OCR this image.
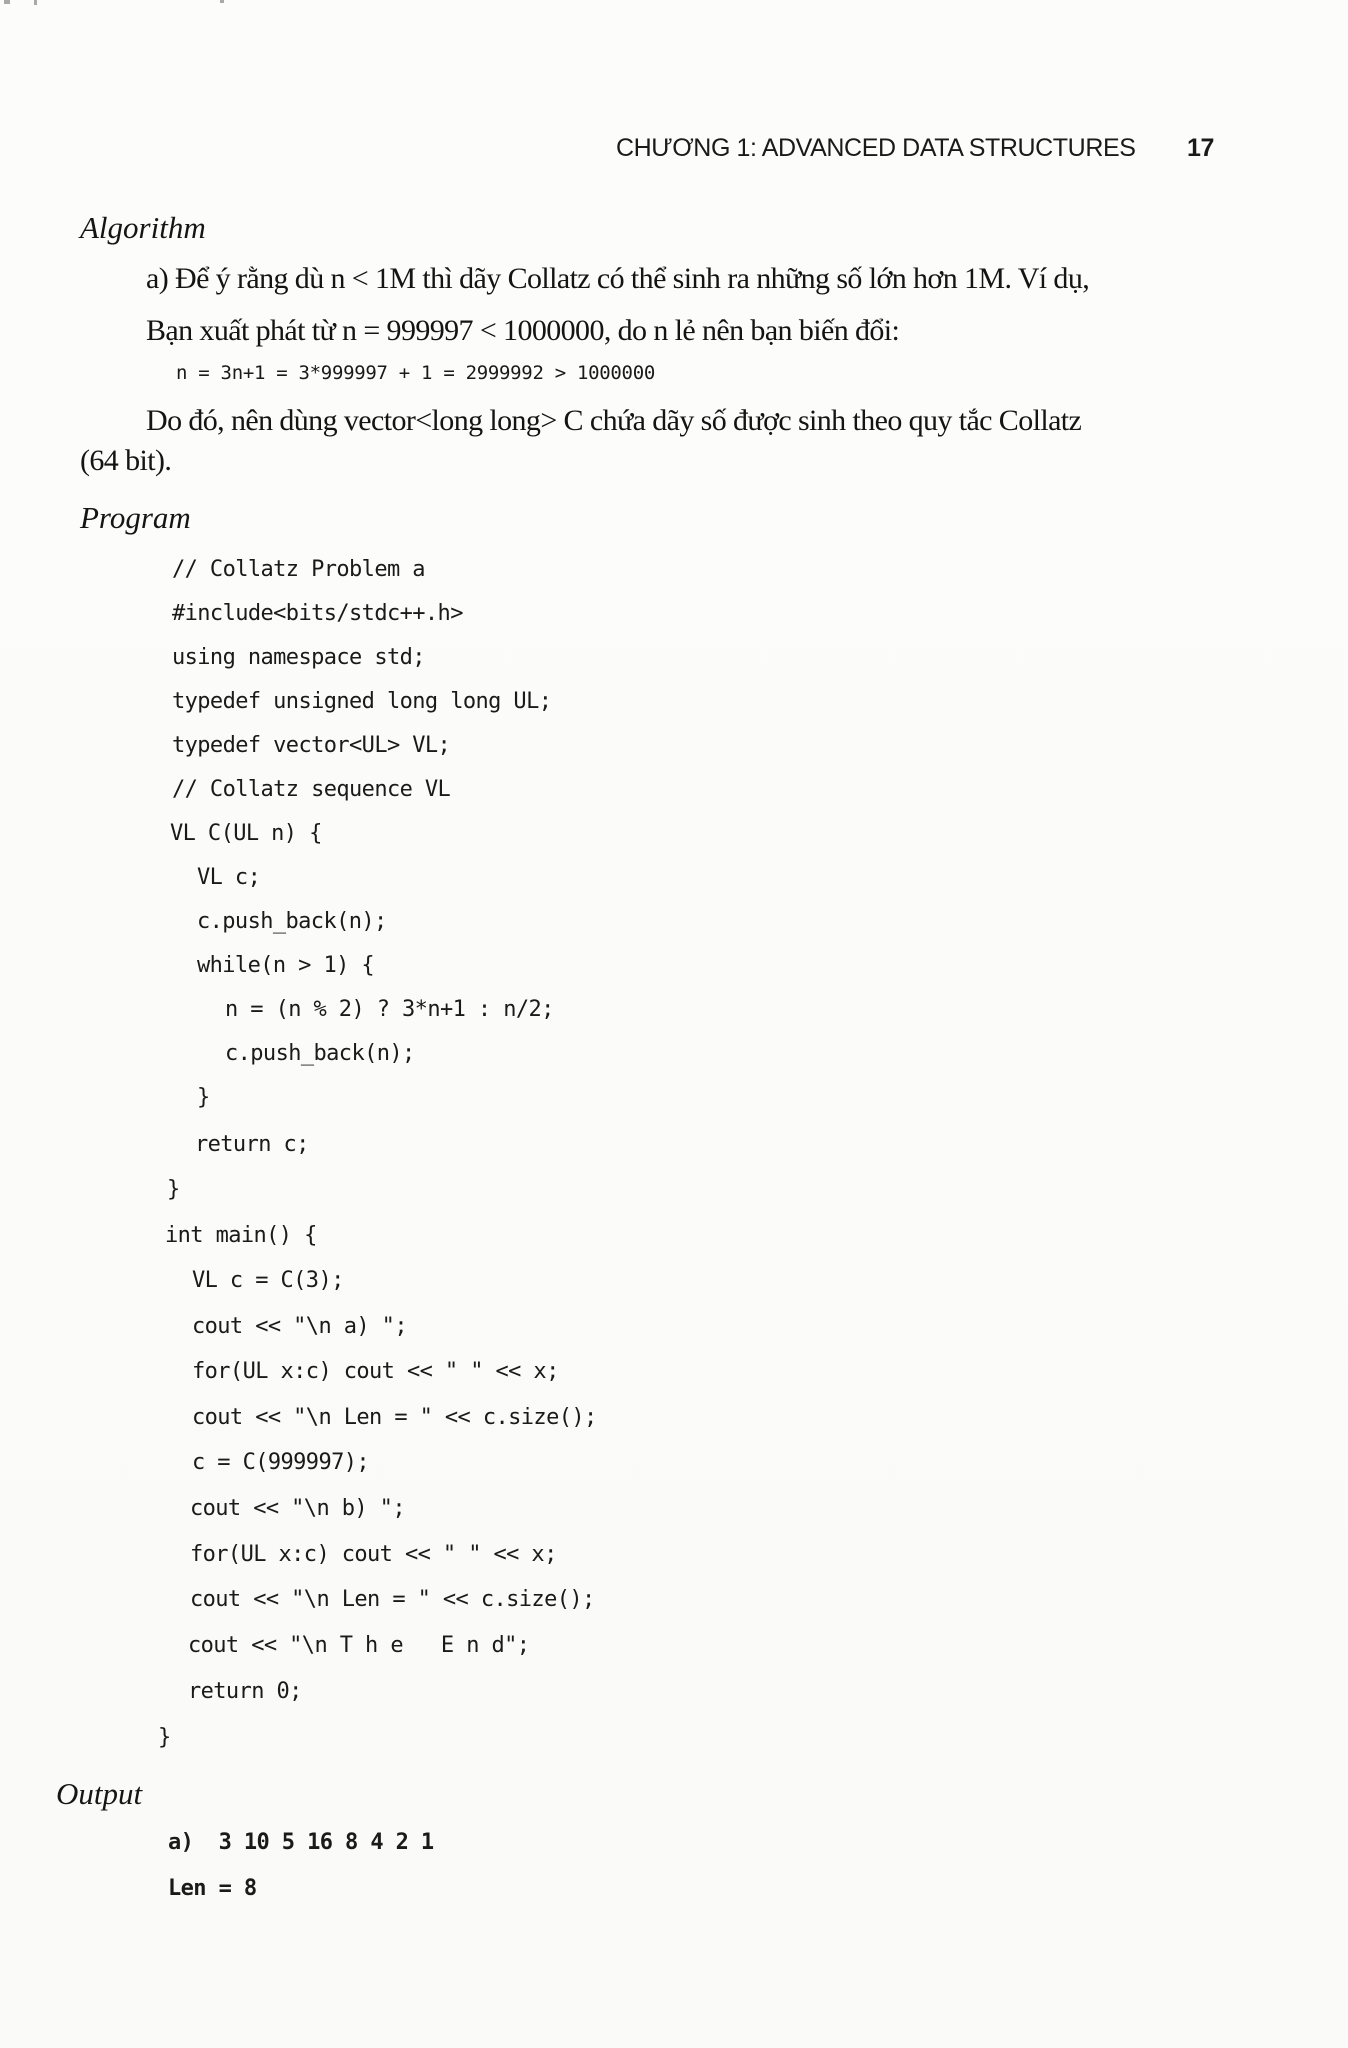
CHƯƠNG 1: ADVANCED DATA STRUCTURES 17
Algorithm
a) Để ý rằng dù n < 1M thì dãy Collatz có thể sinh ra những số lớn hơn 1M. Ví dụ,
Bạn xuất phát từ n = 999997 < 1000000, do n lẻ nên bạn biến đổi:
n = 3n+1 = 3*999997 + 1 = 2999992 > 1000000
Do đó, nên dùng vector<long long> C chứa dãy số được sinh theo quy tắc Collatz
(64 bit).
Program
// Collatz Problem a
#include<bits/stdc++.h>
using namespace std;
typedef unsigned long long UL;
typedef vector<UL> VL;
// Collatz sequence VL
VL C(UL n) {
VL c;
c.push_back(n);
while(n > 1) {
n = (n % 2) ? 3*n+1 : n/2;
c.push_back(n);
}
return c;
}
int main() {
VL c = C(3);
cout << "\n a) ";
for(UL x:c) cout << " " << x;
cout << "\n Len = " << c.size();
c = C(999997);
cout << "\n b) ";
for(UL x:c) cout << " " << x;
cout << "\n Len = " << c.size();
cout << "\n T h e   E n d";
return 0;
}
Output
a)  3 10 5 16 8 4 2 1
Len = 8
